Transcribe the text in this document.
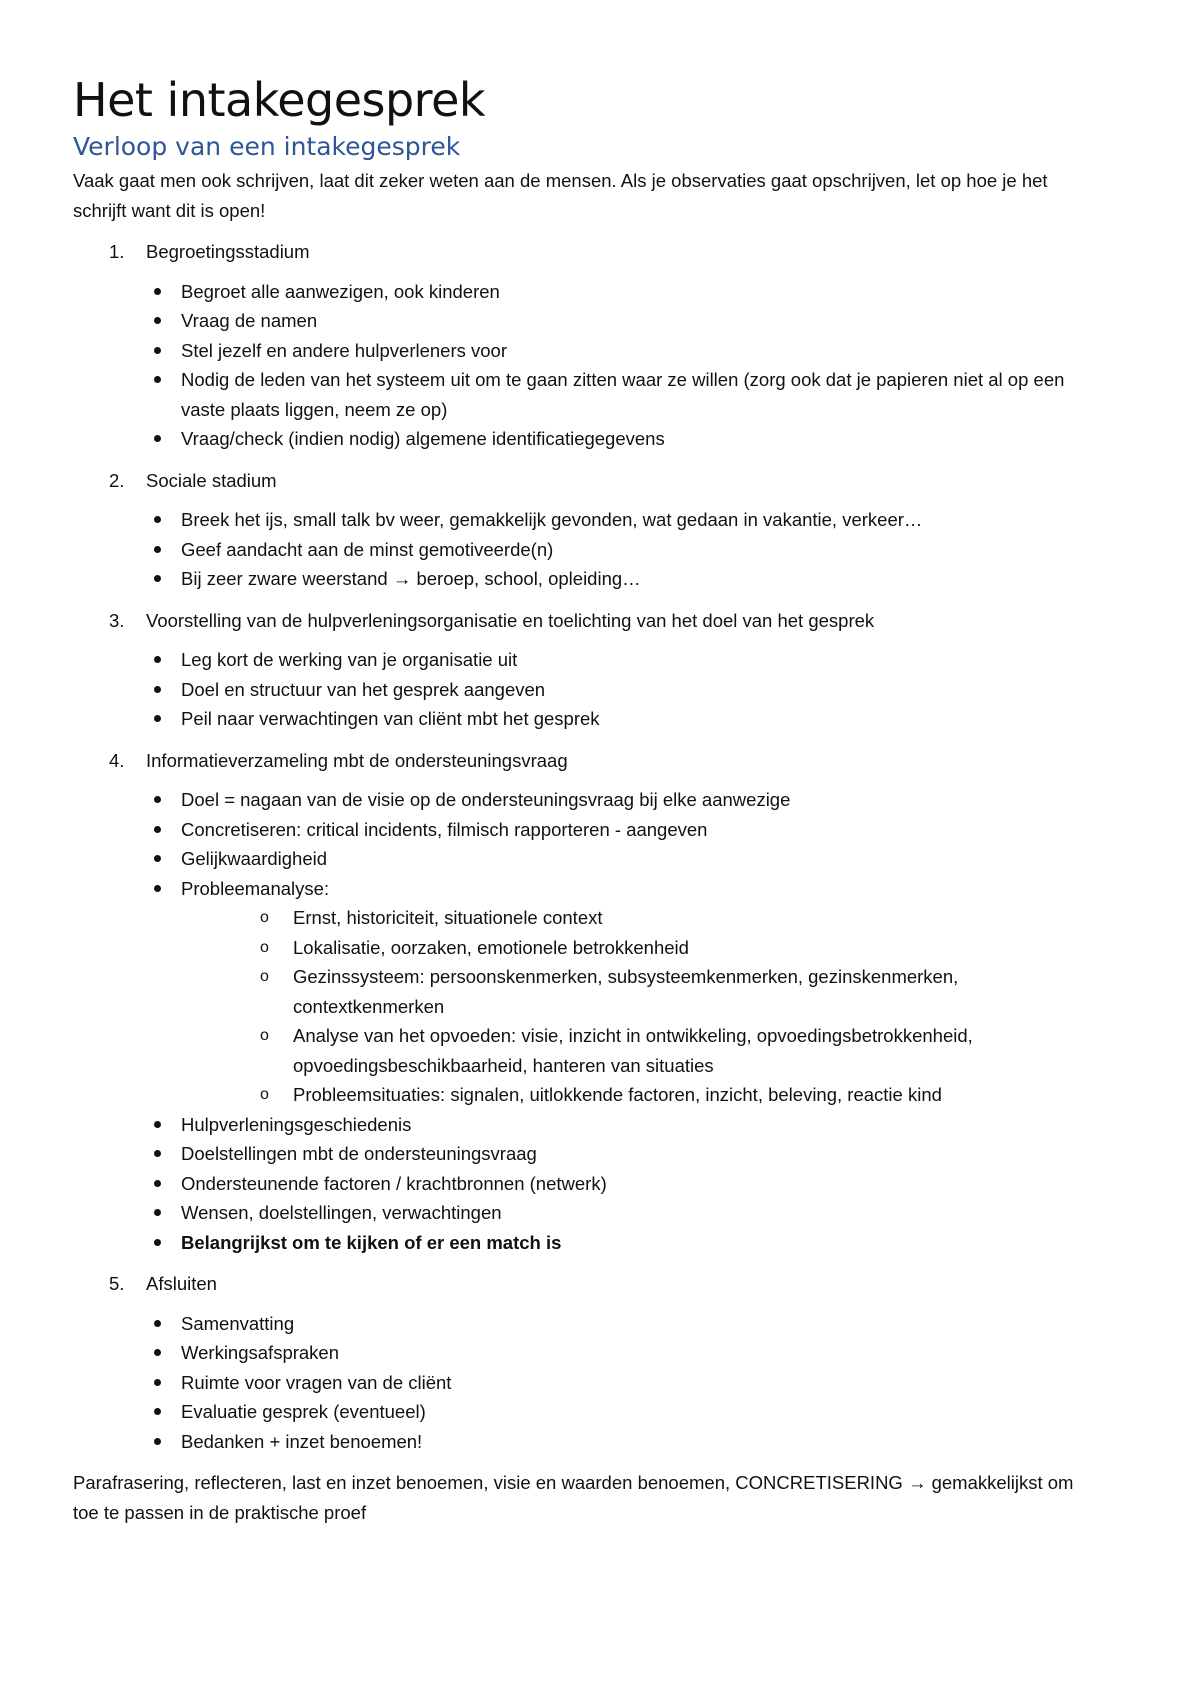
Het intakegesprek
Verloop van een intakegesprek

Vaak gaat men ook schrijven, laat dit zeker weten aan de mensen. Als je observaties gaat opschrijven, let op hoe je het schrijft want dit is open!

1. Begroetingsstadium
Begroet alle aanwezigen, ook kinderen
Vraag de namen
Stel jezelf en andere hulpverleners voor
Nodig de leden van het systeem uit om te gaan zitten waar ze willen (zorg ook dat je papieren niet al op een vaste plaats liggen, neem ze op)
Vraag/check (indien nodig) algemene identificatiegegevens
2. Sociale stadium
Breek het ijs, small talk bv weer, gemakkelijk gevonden, wat gedaan in vakantie, verkeer…
Geef aandacht aan de minst gemotiveerde(n)
Bij zeer zware weerstand → beroep, school, opleiding…
3. Voorstelling van de hulpverleningsorganisatie en toelichting van het doel van het gesprek
Leg kort de werking van je organisatie uit
Doel en structuur van het gesprek aangeven
Peil naar verwachtingen van cliënt mbt het gesprek
4. Informatieverzameling mbt de ondersteuningsvraag
Doel = nagaan van de visie op de ondersteuningsvraag bij elke aanwezige
Concretiseren: critical incidents, filmisch rapporteren - aangeven
Gelijkwaardigheid
Probleemanalyse:
o Ernst, historiciteit, situationele context
o Lokalisatie, oorzaken, emotionele betrokkenheid
o Gezinssysteem: persoonskenmerken, subsysteemkenmerken, gezinskenmerken, contextkenmerken
o Analyse van het opvoeden: visie, inzicht in ontwikkeling, opvoedingsbetrokkenheid, opvoedingsbeschikbaarheid, hanteren van situaties
o Probleemsituaties: signalen, uitlokkende factoren, inzicht, beleving, reactie kind
Hulpverleningsgeschiedenis
Doelstellingen mbt de ondersteuningsvraag
Ondersteunende factoren / krachtbronnen (netwerk)
Wensen, doelstellingen, verwachtingen
Belangrijkst om te kijken of er een match is
5. Afsluiten
Samenvatting
Werkingsafspraken
Ruimte voor vragen van de cliënt
Evaluatie gesprek (eventueel)
Bedanken + inzet benoemen!

Parafrasering, reflecteren, last en inzet benoemen, visie en waarden benoemen, CONCRETISERING → gemakkelijkst om toe te passen in de praktische proef
